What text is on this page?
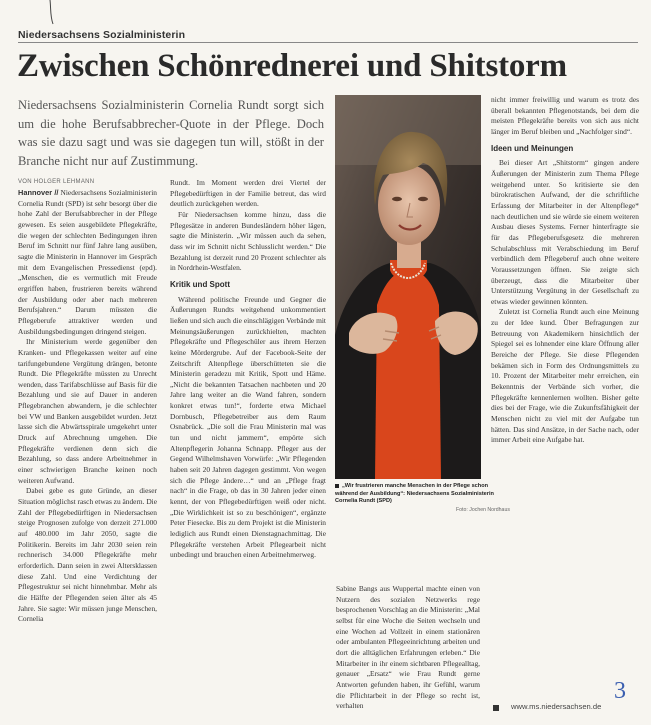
Niedersachsens Sozialministerin
Zwischen Schönrednerei und Shitstorm

Niedersachsens Sozialministerin Cornelia Rundt sorgt sich um die hohe Berufsabbrecher-Quote in der Pflege. Doch was sie dazu sagt und was sie dagegen tun will, stößt in der Branche nicht nur auf Zustimmung.

VON HOLGER LEHMANN

Hannover // Niedersachsens Sozialministerin Cornelia Rundt (SPD) ist sehr besorgt über die hohe Zahl der Berufsabbrecher in der Pflege gewesen. Es seien ausgebildete Pflegekräfte, die wegen der schlechten Bedingungen ihren Beruf im Schnitt nur fünf Jahre lang ausüben, sagte die Ministerin in Hannover im Gespräch mit dem Evangelischen Pressedienst (epd). „Menschen, die es vermutlich mit Freude ergriffen haben, frustrieren bereits während der Ausbildung oder aber nach mehreren Berufsjahren.“ Darum müssten die Pflegeberufe attraktiver werden und Ausbildungsbedingungen dringend steigen.

Ihr Ministerium werde gegenüber den Kranken- und Pflegekassen weiter auf eine tarifungebundene Vergütung drängen, betonte Rundt. Die Pflegekräfte müssten zu Unrecht wenden, dass Tarifabschlüsse auf Basis für die Bezahlung und sie auf Dauer in anderen Pflegebranchen abwandern, je die schlechter bei VW und Banken ausgebildet wurden. Jetzt lasse sich die Abwärtsspirale umgekehrt unter Druck auf Abrechnung umgehen. Die Pflegekräfte verdienen denn sich die Bezahlung, so dass andere Arbeitnehmer in einer schwierigen Branche keinen noch weiteren Aufwand.

Dabei gebe es gute Gründe, an dieser Situation möglichst rasch etwas zu ändern. Die Zahl der Pflegebedürftigen in Niedersachsen steige Prognosen zufolge von derzeit 271.000 auf 480.000 im Jahr 2050, sagte die Politikerin. Bereits im Jahr 2030 seien rein rechnerisch 34.000 Pflegekräfte mehr erforderlich. Dann seien in zwei Altersklassen diese Zahl. Und eine Verdichtung der Pflegestruktur sei nicht hinnehmbar. Mehr als die Hälfte der Pflegenden seien älter als 45 Jahre. Sie sagte: Wir müssen junge Menschen, Cornelia

Rundt. Im Moment werden drei Viertel der Pflegebedürftigen in der Familie betreut, das wird deutlich zurückgehen werden.

Für Niedersachsen komme hinzu, dass die Pflegesätze in anderen Bundesländern höher lägen, sagte die Ministerin. „Wir müssen auch da sehen, dass wir im Schnitt nicht Schlusslicht werden.“ Die Bezahlung ist derzeit rund 20 Prozent schlechter als in Nordrhein-Westfalen.

Kritik und Spott

Während politische Freunde und Gegner die Äußerungen Rundts weitgehend unkommentiert ließen und sich auch die einschlägigen Verbände mit Meinungsäußerungen zurückhielten, machten Pflegekräfte und Pflegeschüler aus ihrem Herzen keine Mördergrube. Auf der Facebook-Seite der Zeitschrift Altenpflege überschütteten sie die Ministerin geradezu mit Kritik, Spott und Häme. „Nicht die bekannten Tatsachen nachbeten und 20 Jahre lang weiter an die Wand fahren, sondern konkret etwas tun!“, forderte etwa Michael Dornbusch, Pflegebetreiber aus dem Raum Osnabrück. „Die soll die Frau Ministerin mal was tun und nicht jammern“, empörte sich Altenpflegerin Johanna Schnapp. Pfleger aus der Gegend Wilhelmshaven Vorwürfe: „Wir Pflegenden haben seit 20 Jahren dagegen gestimmt. Von wegen sich die Pflege ändere…“ und an „Pflege fragt nach“ in die Frage, ob das in 30 Jahren jeder einen kennt, der von Pflegebedürftigen weiß oder nicht. „Die Wirklichkeit ist so zu beschönigen“, ergänzte Peter Fiesecke. Bis zu dem Projekt ist die Ministerin lediglich aus Rundt einen Dienstagnachmittag. Die Pflegekräfte verstehen Arbeit Pflegearbeit nicht unbedingt und brauchen einen Arbeitnehmerweg.

„Wir frustrieren manche Menschen in der Pflege schon während der Ausbildung“: Niedersachsens Sozialministerin Cornelia Rundt (SPD)
Foto: Jochen Nordhaus

Sabine Bangs aus Wuppertal machte einen von Nutzern des sozialen Netzwerks rege besprochenen Vorschlag an die Ministerin: „Mal selbst für eine Woche die Seiten wechseln und eine Wochen ad Vollzeit in einem stationären oder ambulanten Pflegeeinrichtung arbeiten und dort die alltäglichen Erfahrungen erleben.“ Die Mitarbeiter in ihr einem sichtbaren Pflegealltag, genauer „Ersatz“ wie Frau Rundt gerne Antworten gefunden haben, ihr Gefühl, warum die Pflichtarbeit in der Pflege so recht ist, verhalten

nicht immer freiwillig und warum es trotz des überall bekannten Pflegenotstands, bei dem die meisten Pflegekräfte bereits von sich aus nicht länger im Beruf bleiben und „Nachfolger sind“.

Ideen und Meinungen

Bei dieser Art „Shitstorm“ gingen andere Äußerungen der Ministerin zum Thema Pflege weitgehend unter. So kritisierte sie den bürokratischen Aufwand, der die schriftliche Erfassung der Mitarbeiter in der Altenpflege* nach deutlichen und sie würde sie einem weiteren Ausbau dieses Systems. Ferner hinterfragte sie für das Pflegeberufsgesetz die mehreren Schulabschluss mit Verabschiedung im Beruf verbindlich dem Pflegeberuf auch ohne weitere Voraussetzungen öffnen. Sie zeigte sich überzeugt, dass die Mitarbeiter über Unterstützung Vergütung in der Gesellschaft zu etwas wieder gewinnen könnten.

Zuletzt ist Cornelia Rundt auch eine Meinung zu der Idee kund. Über Befragungen zur Betreuung von Akademikern hinsichtlich der Spiegel sei es lohnender eine klare Öffnung aller Bereiche der Pflege. Sie diese Pflegenden bekämen sich in Form des Ordnungsmittels zu 10. Prozent der Mitarbeiter mehr erreichen, ein Bekenntnis der Verbände sich vorher, die Pflegekräfte kennenlernen wollten. Bisher gelte dies bei der Frage, wie die Zukunftsfähigkeit der Menschen nicht zu viel mit der Aufgabe tun hätten. Das sind Ansätze, in der Sache nach, oder immer Arbeit eine Aufgabe hat.

3
www.ms.niedersachsen.de
